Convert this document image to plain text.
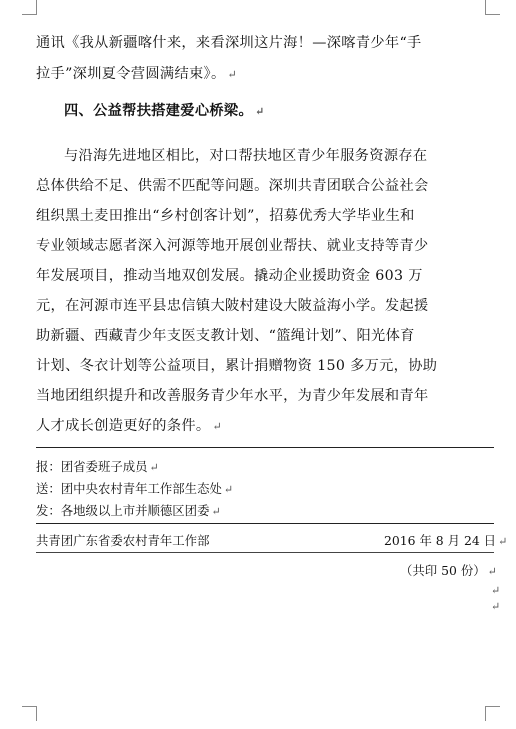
通讯《我从新疆喀什来，来看深圳这片海！—深喀青少年“手
拉手”深圳夏令营圆满结束》。 ↵
四、公益帮扶搭建爱心桥梁。 ↵
与沿海先进地区相比，对口帮扶地区青少年服务资源存在
总体供给不足、供需不匹配等问题。深圳共青团联合公益社会
组织黑土麦田推出“乡村创客计划”，招募优秀大学毕业生和
专业领域志愿者深入河源等地开展创业帮扶、就业支持等青少
年发展项目，推动当地双创发展。撬动企业援助资金 603 万
元，在河源市连平县忠信镇大陂村建设大陂益海小学。发起援
助新疆、西藏青少年支医支教计划、“篮绳计划”、阳光体育
计划、冬衣计划等公益项目，累计捐赠物资 150 多万元，协助
当地团组织提升和改善服务青少年水平，为青少年发展和青年
人才成长创造更好的条件。 ↵
报：团省委班子成员 ↵
送：团中央农村青年工作部生态处 ↵
发：各地级以上市并顺德区团委 ↵
共青团广东省委农村青年工作部	2016 年 8 月 24 日 ↵
（共印 50 份） ↵
↵
↵
